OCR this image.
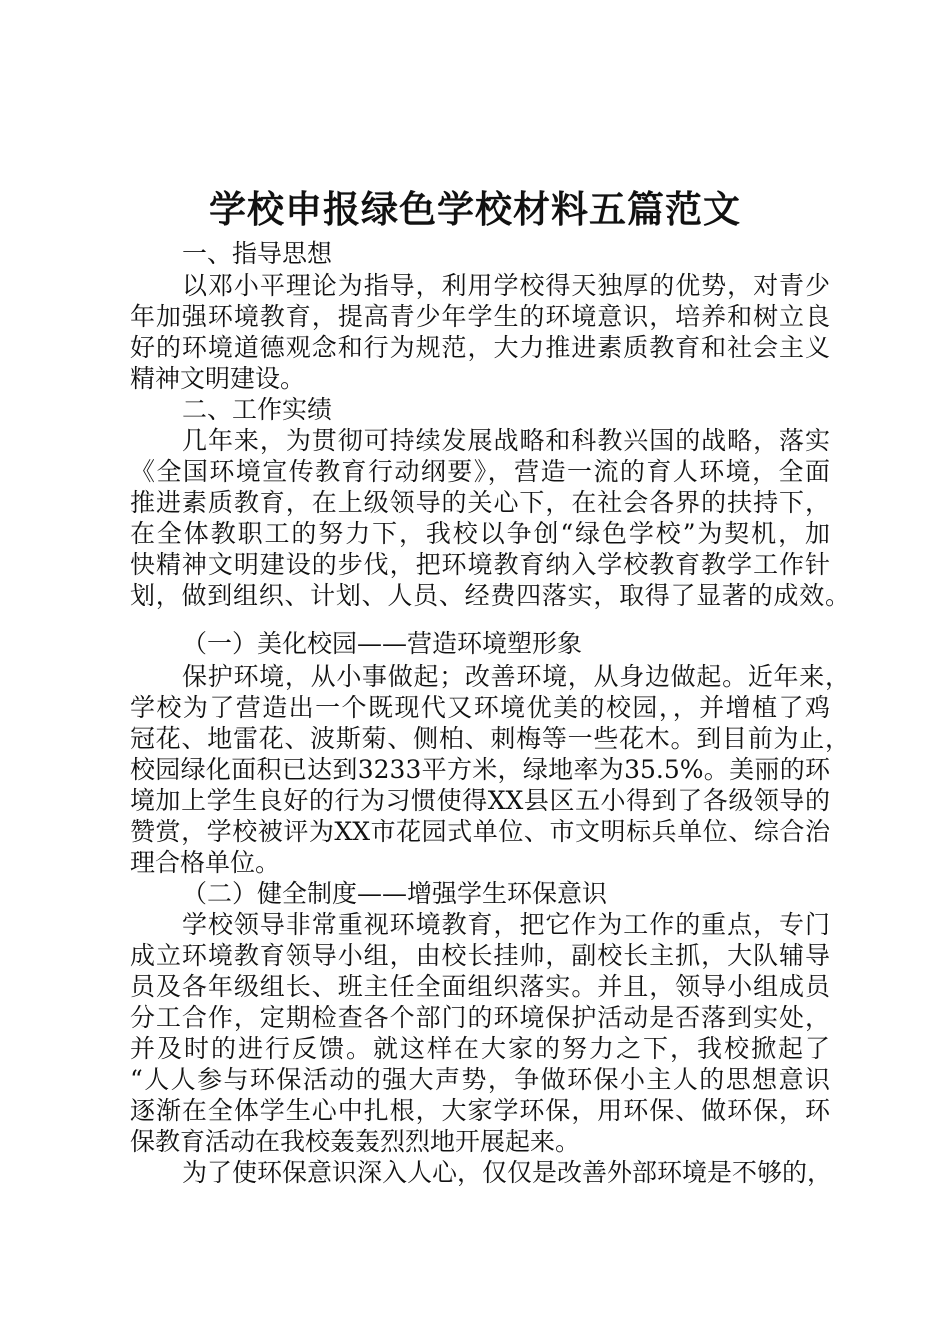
学校申报绿色学校材料五篇范文
一、指导思想
以邓小平理论为指导，利用学校得天独厚的优势，对青少
年加强环境教育，提高青少年学生的环境意识，培养和树立良
好的环境道德观念和行为规范，大力推进素质教育和社会主义
精神文明建设。
二、工作实绩
几年来，为贯彻可持续发展战略和科教兴国的战略，落实
《全国环境宣传教育行动纲要》，营造一流的育人环境，全面
推进素质教育，在上级领导的关心下，在社会各界的扶持下，
在全体教职工的努力下，我校以争创“绿色学校”为契机，加
快精神文明建设的步伐，把环境教育纳入学校教育教学工作针
划，做到组织、计划、人员、经费四落实，取得了显著的成效。
（一）美化校园——营造环境塑形象
保护环境，从小事做起；改善环境，从身边做起。近年来，
学校为了营造出一个既现代又环境优美的校园，，并增植了鸡
冠花、地雷花、波斯菊、侧柏、刺梅等一些花木。到目前为止，
校园绿化面积已达到3233平方米，绿地率为35.5%。美丽的环
境加上学生良好的行为习惯使得XX县区五小得到了各级领导的
赞赏，学校被评为XX市花园式单位、市文明标兵单位、综合治
理合格单位。
（二）健全制度——增强学生环保意识
学校领导非常重视环境教育，把它作为工作的重点，专门
成立环境教育领导小组，由校长挂帅，副校长主抓，大队辅导
员及各年级组长、班主任全面组织落实。并且，领导小组成员
分工合作，定期检查各个部门的环境保护活动是否落到实处，
并及时的进行反馈。就这样在大家的努力之下，我校掀起了
“人人参与环保活动的强大声势，争做环保小主人的思想意识
逐渐在全体学生心中扎根，大家学环保，用环保、做环保，环
保教育活动在我校轰轰烈烈地开展起来。
为了使环保意识深入人心，仅仅是改善外部环境是不够的，
